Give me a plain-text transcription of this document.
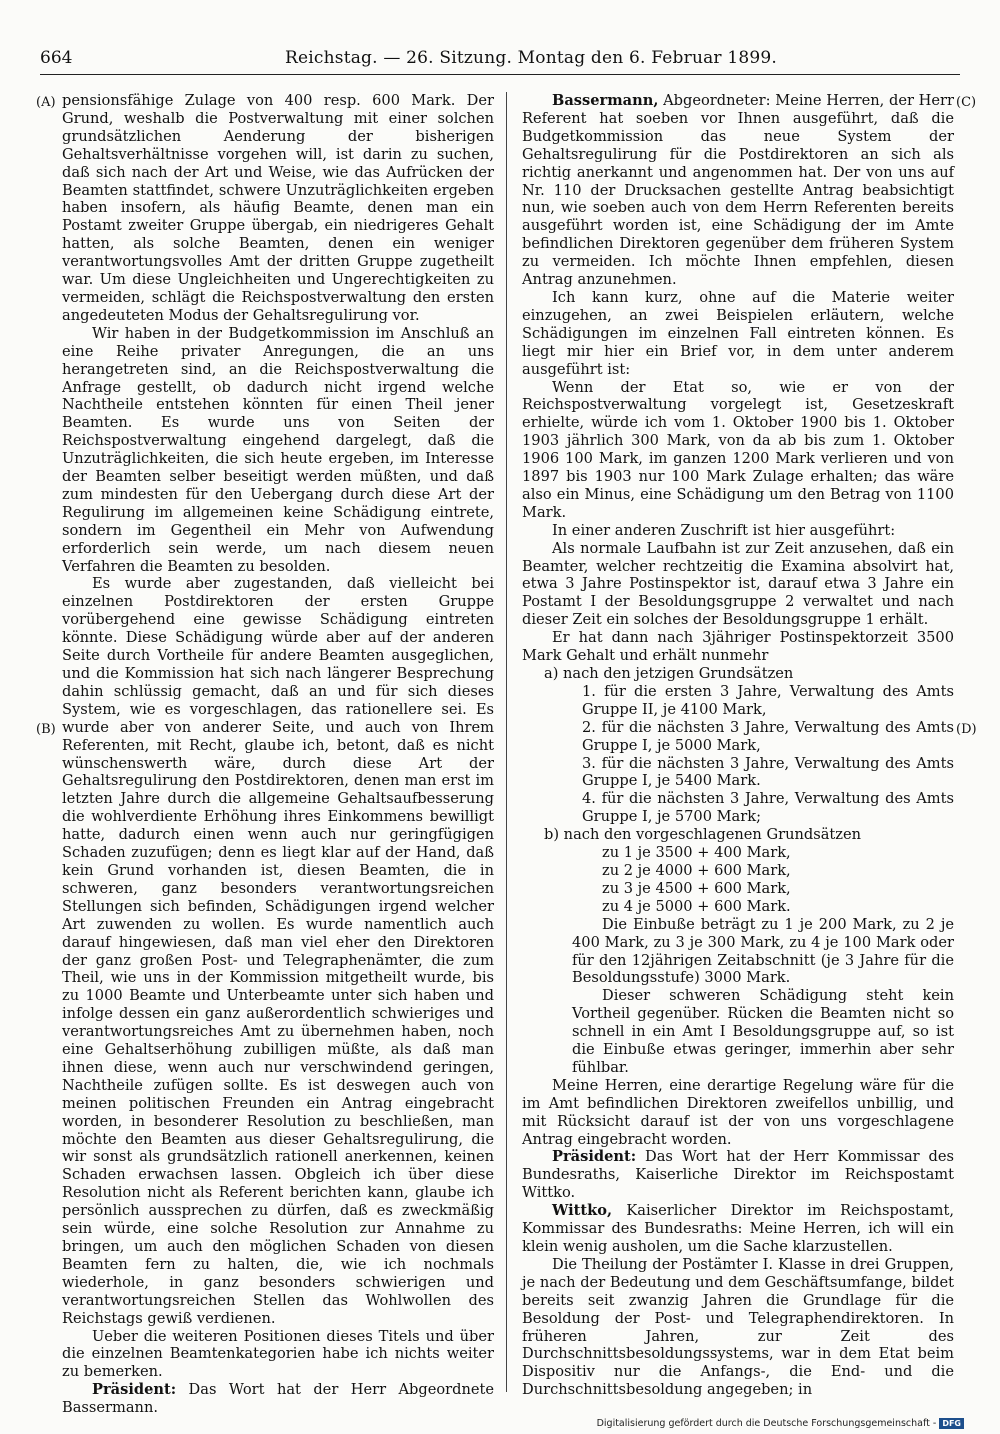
664	Reichstag. — 26. Sitzung. Montag den 6. Februar 1899.
(A)
(B)
(C)
(D)

pensionsfähige Zulage von 400 resp. 600 Mark. Der Grund, weshalb die Postverwaltung mit einer solchen grundsätzlichen Aenderung der bisherigen Gehaltsverhältnisse vorgehen will, ist darin zu suchen, daß sich nach der Art und Weise, wie das Aufrücken der Beamten stattfindet, schwere Unzuträglichkeiten ergeben haben insofern, als häufig Beamte, denen man ein Postamt zweiter Gruppe übergab, ein niedrigeres Gehalt hatten, als solche Beamten, denen ein weniger verantwortungsvolles Amt der dritten Gruppe zugetheilt war. Um diese Ungleichheiten und Ungerechtigkeiten zu vermeiden, schlägt die Reichspostverwaltung den ersten angedeuteten Modus der Gehaltsregulirung vor.

Wir haben in der Budgetkommission im Anschluß an eine Reihe privater Anregungen, die an uns herangetreten sind, an die Reichspostverwaltung die Anfrage gestellt, ob dadurch nicht irgend welche Nachtheile entstehen könnten für einen Theil jener Beamten. Es wurde uns von Seiten der Reichspostverwaltung eingehend dargelegt, daß die Unzuträglichkeiten, die sich heute ergeben, im Interesse der Beamten selber beseitigt werden müßten, und daß zum mindesten für den Uebergang durch diese Art der Regulirung im allgemeinen keine Schädigung eintrete, sondern im Gegentheil ein Mehr von Aufwendung erforderlich sein werde, um nach diesem neuen Verfahren die Beamten zu besolden.

Es wurde aber zugestanden, daß vielleicht bei einzelnen Postdirektoren der ersten Gruppe vorübergehend eine gewisse Schädigung eintreten könnte. Diese Schädigung würde aber auf der anderen Seite durch Vortheile für andere Beamten ausgeglichen, und die Kommission hat sich nach längerer Besprechung dahin schlüssig gemacht, daß an und für sich dieses System, wie es vorgeschlagen, das rationellere sei. Es wurde aber von anderer Seite, und auch von Ihrem Referenten, mit Recht, glaube ich, betont, daß es nicht wünschenswerth wäre, durch diese Art der Gehaltsregulirung den Postdirektoren, denen man erst im letzten Jahre durch die allgemeine Gehaltsaufbesserung die wohlverdiente Erhöhung ihres Einkommens bewilligt hatte, dadurch einen wenn auch nur geringfügigen Schaden zuzufügen; denn es liegt klar auf der Hand, daß kein Grund vorhanden ist, diesen Beamten, die in schweren, ganz besonders verantwortungsreichen Stellungen sich befinden, Schädigungen irgend welcher Art zuwenden zu wollen. Es wurde namentlich auch darauf hingewiesen, daß man viel eher den Direktoren der ganz großen Post- und Telegraphenämter, die zum Theil, wie uns in der Kommission mitgetheilt wurde, bis zu 1000 Beamte und Unterbeamte unter sich haben und infolge dessen ein ganz außerordentlich schwieriges und verantwortungsreiches Amt zu übernehmen haben, noch eine Gehaltserhöhung zubilligen müßte, als daß man ihnen diese, wenn auch nur verschwindend geringen, Nachtheile zufügen sollte. Es ist deswegen auch von meinen politischen Freunden ein Antrag eingebracht worden, in besonderer Resolution zu beschließen, man möchte den Beamten aus dieser Gehaltsregulirung, die wir sonst als grundsätzlich rationell anerkennen, keinen Schaden erwachsen lassen. Obgleich ich über diese Resolution nicht als Referent berichten kann, glaube ich persönlich aussprechen zu dürfen, daß es zweckmäßig sein würde, eine solche Resolution zur Annahme zu bringen, um auch den möglichen Schaden von diesen Beamten fern zu halten, die, wie ich nochmals wiederhole, in ganz besonders schwierigen und verantwortungsreichen Stellen das Wohlwollen des Reichstags gewiß verdienen.

Ueber die weiteren Positionen dieses Titels und über die einzelnen Beamtenkategorien habe ich nichts weiter zu bemerken.

Präsident: Das Wort hat der Herr Abgeordnete Bassermann.

Bassermann, Abgeordneter: Meine Herren, der Herr Referent hat soeben vor Ihnen ausgeführt, daß die Budgetkommission das neue System der Gehaltsregulirung für die Postdirektoren an sich als richtig anerkannt und angenommen hat. Der von uns auf Nr. 110 der Drucksachen gestellte Antrag beabsichtigt nun, wie soeben auch von dem Herrn Referenten bereits ausgeführt worden ist, eine Schädigung der im Amte befindlichen Direktoren gegenüber dem früheren System zu vermeiden. Ich möchte Ihnen empfehlen, diesen Antrag anzunehmen.

Ich kann kurz, ohne auf die Materie weiter einzugehen, an zwei Beispielen erläutern, welche Schädigungen im einzelnen Fall eintreten können. Es liegt mir hier ein Brief vor, in dem unter anderem ausgeführt ist:

Wenn der Etat so, wie er von der Reichspostverwaltung vorgelegt ist, Gesetzeskraft erhielte, würde ich vom 1. Oktober 1900 bis 1. Oktober 1903 jährlich 300 Mark, von da ab bis zum 1. Oktober 1906 100 Mark, im ganzen 1200 Mark verlieren und von 1897 bis 1903 nur 100 Mark Zulage erhalten; das wäre also ein Minus, eine Schädigung um den Betrag von 1100 Mark.

In einer anderen Zuschrift ist hier ausgeführt:

Als normale Laufbahn ist zur Zeit anzusehen, daß ein Beamter, welcher rechtzeitig die Examina absolvirt hat, etwa 3 Jahre Postinspektor ist, darauf etwa 3 Jahre ein Postamt I der Besoldungsgruppe 2 verwaltet und nach dieser Zeit ein solches der Besoldungsgruppe 1 erhält.

Er hat dann nach 3jähriger Postinspektorzeit 3500 Mark Gehalt und erhält nunmehr

a) nach den jetzigen Grundsätzen

1. für die ersten 3 Jahre, Verwaltung des Amts Gruppe II, je 4100 Mark,

2. für die nächsten 3 Jahre, Verwaltung des Amts Gruppe I, je 5000 Mark,

3. für die nächsten 3 Jahre, Verwaltung des Amts Gruppe I, je 5400 Mark.

4. für die nächsten 3 Jahre, Verwaltung des Amts Gruppe I, je 5700 Mark;

b) nach den vorgeschlagenen Grundsätzen

zu 1 je 3500 + 400 Mark,

zu 2 je 4000 + 600 Mark,

zu 3 je 4500 + 600 Mark,

zu 4 je 5000 + 600 Mark.

Die Einbuße beträgt zu 1 je 200 Mark, zu 2 je 400 Mark, zu 3 je 300 Mark, zu 4 je 100 Mark oder für den 12jährigen Zeitabschnitt (je 3 Jahre für die Besoldungsstufe) 3000 Mark.

Dieser schweren Schädigung steht kein Vortheil gegenüber. Rücken die Beamten nicht so schnell in ein Amt I Besoldungsgruppe auf, so ist die Einbuße etwas geringer, immerhin aber sehr fühlbar.

Meine Herren, eine derartige Regelung wäre für die im Amt befindlichen Direktoren zweifellos unbillig, und mit Rücksicht darauf ist der von uns vorgeschlagene Antrag eingebracht worden.

Präsident: Das Wort hat der Herr Kommissar des Bundesraths, Kaiserliche Direktor im Reichspostamt Wittko.

Wittko, Kaiserlicher Direktor im Reichspostamt, Kommissar des Bundesraths: Meine Herren, ich will ein klein wenig ausholen, um die Sache klarzustellen.

Die Theilung der Postämter I. Klasse in drei Gruppen, je nach der Bedeutung und dem Geschäftsumfange, bildet bereits seit zwanzig Jahren die Grundlage für die Besoldung der Post- und Telegraphendirektoren. In früheren Jahren, zur Zeit des Durchschnittsbesoldungssystems, war in dem Etat beim Dispositiv nur die Anfangs-, die End- und die Durchschnittsbesoldung angegeben; in

Digitalisierung gefördert durch die Deutsche Forschungsgemeinschaft - DFG
